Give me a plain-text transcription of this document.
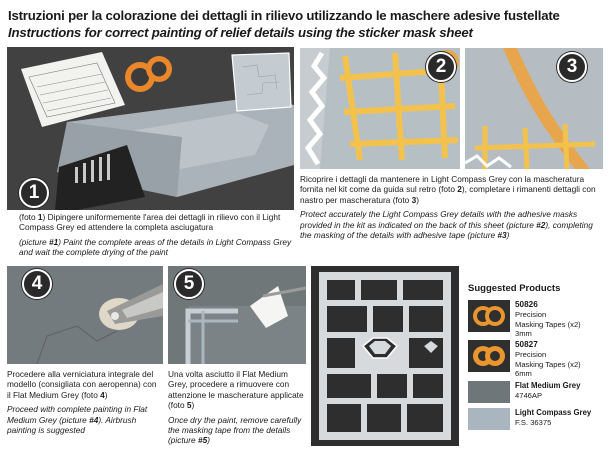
Istruzioni per la colorazione dei dettagli in rilievo utilizzando le maschere adesive fustellate
Instructions for correct painting of relief details using the sticker mask sheet
2	3
4	5
1

(foto 1) Dipingere uniformemente l'area dei dettagli in rilievo con il Light Compass Grey ed attendere la completa asciugatura

(picture #1) Paint the complete areas of the details in Light Compass Grey and wait the complete drying of the paint

Ricoprire i dettagli da mantenere in Light Compass Grey con la mascheratura fornita nel kit come da guida sul retro (foto 2), completare i rimanenti dettagli con nastro per mascheratura (foto 3)

Protect accurately the Light Compass Grey details with the adhesive masks provided in the kit as indicated on the back of this sheet (picture #2), completing the masking of the details with adhesive tape (picture #3)

Procedere alla verniciatura integrale del modello (consigliata con aeropenna) con il Flat Medium Grey (foto 4)

Proceed with complete painting in Flat Medium Grey (picture #4). Airbrush painting is suggested

Una volta asciutto il Flat Medium Grey, procedere a rimuovere con attenzione le mascherature applicate (foto 5)

Once dry the paint, remove carefully the masking tape from the details (picture #5)

Suggested Products
50826
Precision
Masking Tapes (x2)
3mm
50827
Precision
Masking Tapes (x2)
6mm
Flat Medium Grey
4746AP
Light Compass Grey
F.S. 36375
